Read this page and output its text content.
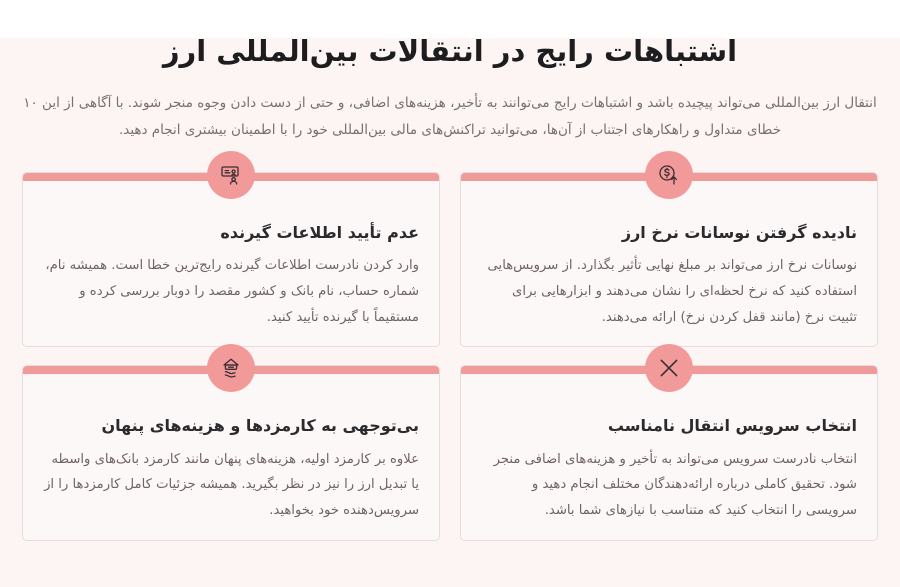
اشتباهات رایج در انتقالات بین‌المللی ارز

انتقال ارز بین‌المللی می‌تواند پیچیده باشد و اشتباهات رایج می‌توانند به تأخیر، هزینه‌های اضافی، و حتی از دست دادن وجوه منجر شوند. با آگاهی از این ۱۰ خطای متداول و راهکارهای اجتناب از آن‌ها، می‌توانید تراکنش‌های مالی بین‌المللی خود را با اطمینان بیشتری انجام دهید.

نادیده گرفتن نوسانات نرخ ارز

نوسانات نرخ ارز می‌تواند بر مبلغ نهایی تأثیر بگذارد. از سرویس‌هایی استفاده کنید که نرخ لحظه‌ای را نشان می‌دهند و ابزارهایی برای تثبیت نرخ (مانند قفل کردن نرخ) ارائه می‌دهند.

عدم تأیید اطلاعات گیرنده

وارد کردن نادرست اطلاعات گیرنده رایج‌ترین خطا است. همیشه نام، شماره حساب، نام بانک و کشور مقصد را دوبار بررسی کرده و مستقیماً با گیرنده تأیید کنید.

انتخاب سرویس انتقال نامناسب

انتخاب نادرست سرویس می‌تواند به تأخیر و هزینه‌های اضافی منجر شود. تحقیق کاملی درباره ارائه‌دهندگان مختلف انجام دهید و سرویسی را انتخاب کنید که متناسب با نیازهای شما باشد.

بی‌توجهی به کارمزدها و هزینه‌های پنهان

علاوه بر کارمزد اولیه، هزینه‌های پنهان مانند کارمزد بانک‌های واسطه یا تبدیل ارز را نیز در نظر بگیرید. همیشه جزئیات کامل کارمزدها را از سرویس‌دهنده خود بخواهید.
